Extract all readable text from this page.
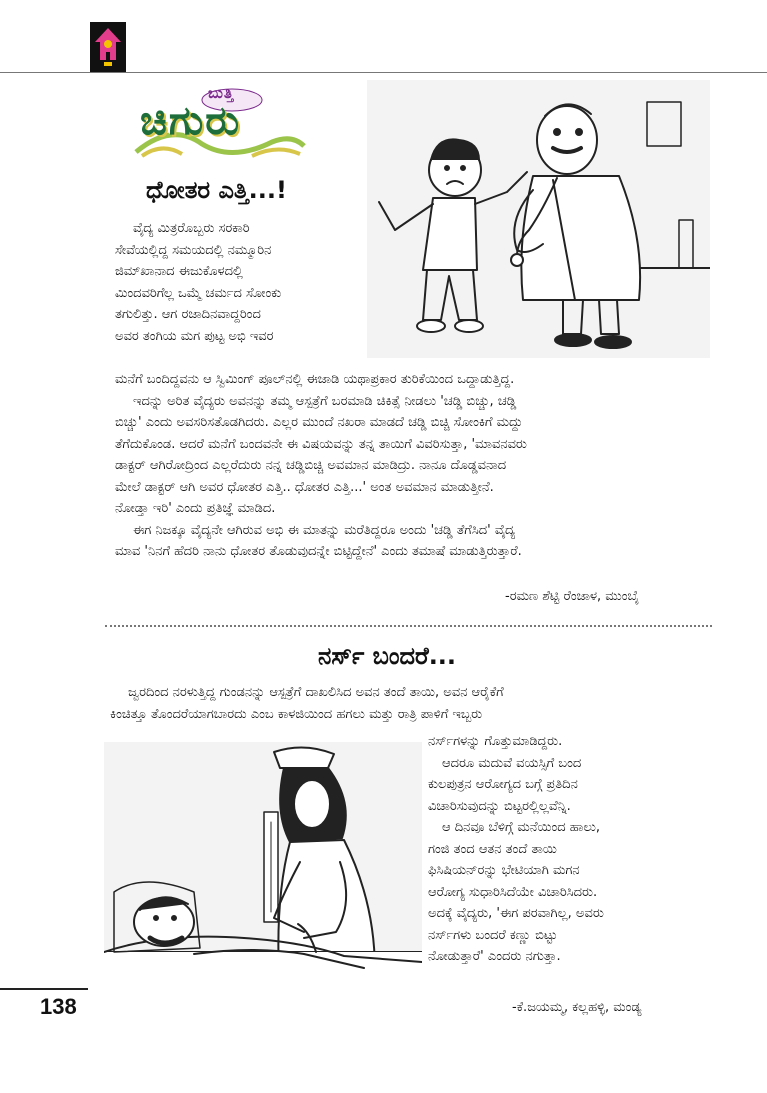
ಬುತ್ತಿ
ಚಿಗುರು
ಧೋತರ ಎತ್ತಿ...!
ವೈದ್ಯ ಮಿತ್ರರೊಬ್ಬರು ಸರಕಾರಿ
ಸೇವೆಯಲ್ಲಿದ್ದ ಸಮಯದಲ್ಲಿ ನಮ್ಮೂರಿನ
ಜಿಮ್‌ಖಾನಾದ ಈಜುಕೊಳದಲ್ಲಿ
ಮಿಂದವರಿಗೆಲ್ಲ ಒಮ್ಮೆ ಚರ್ಮದ ಸೋಂಕು
ತಗುಲಿತ್ತು. ಆಗ ರಜಾದಿನವಾದ್ದರಿಂದ
ಅವರ ತಂಗಿಯ ಮಗ ಪುಟ್ಟ ಅಭಿ ಇವರ
ಮನೆಗೆ ಬಂದಿದ್ದವನು ಆ ಸ್ವಿಮಿಂಗ್ ಪೂಲ್‌ನಲ್ಲಿ ಈಜಾಡಿ ಯಥಾಪ್ರಕಾರ ತುರಿಕೆಯಿಂದ ಒದ್ದಾಡುತ್ತಿದ್ದ.
ಇದನ್ನು ಅರಿತ ವೈದ್ಯರು ಅವನನ್ನು ತಮ್ಮ ಆಸ್ಪತ್ರೆಗೆ ಬರಮಾಡಿ ಚಿಕಿತ್ಸೆ ನೀಡಲು 'ಚಡ್ಡಿ ಬಿಚ್ಚು, ಚಡ್ಡಿ
ಬಿಚ್ಚು' ಎಂದು ಅವಸರಿಸತೊಡಗಿದರು. ಎಲ್ಲರ ಮುಂದೆ ನಖರಾ ಮಾಡದೆ ಚಡ್ಡಿ ಬಿಚ್ಚಿ ಸೋಂಕಿಗೆ ಮದ್ದು
ತೆಗೆದುಕೊಂಡ. ಆದರೆ ಮನೆಗೆ ಬಂದವನೇ ಈ ವಿಷಯವನ್ನು ತನ್ನ ತಾಯಿಗೆ ವಿವರಿಸುತ್ತಾ, 'ಮಾವನವರು
ಡಾಕ್ಟರ್ ಆಗಿರೋದ್ರಿಂದ ಎಲ್ಲರೆದುರು ನನ್ನ ಚಡ್ಡಿಬಿಚ್ಚಿ ಅವಮಾನ ಮಾಡಿದ್ರು. ನಾನೂ ದೊಡ್ಡವನಾದ
ಮೇಲೆ ಡಾಕ್ಟರ್ ಆಗಿ ಅವರ ಧೋತರ ಎತ್ತಿ.. ಧೋತರ ಎತ್ತಿ...' ಅಂತ ಅವಮಾನ ಮಾಡುತ್ತೀನೆ.
ನೋಡ್ತಾ ಇರಿ' ಎಂದು ಪ್ರತಿಜ್ಞೆ ಮಾಡಿದ.
ಈಗ ನಿಜಕ್ಕೂ ವೈದ್ಯನೇ ಆಗಿರುವ ಅಭಿ ಈ ಮಾತನ್ನು ಮರೆತಿದ್ದರೂ ಅಂದು 'ಚಡ್ಡಿ ತೆಗೆಸಿದ' ವೈದ್ಯ
ಮಾವ 'ನಿನಗೆ ಹೆದರಿ ನಾನು ಧೋತರ ತೊಡುವುದನ್ನೇ ಬಿಟ್ಟಿದ್ದೇನೆ' ಎಂದು ತಮಾಷೆ ಮಾಡುತ್ತಿರುತ್ತಾರೆ.
-ರಮಣ ಶೆಟ್ಟಿ ರೆಂಜಾಳ, ಮುಂಬೈ
ನರ್ಸ್ ಬಂದರೆ...
ಜ್ವರದಿಂದ ನರಳುತ್ತಿದ್ದ ಗುಂಡನನ್ನು ಆಸ್ಪತ್ರೆಗೆ ದಾಖಲಿಸಿದ ಅವನ ತಂದೆ ತಾಯಿ, ಅವನ ಆರೈಕೆಗೆ
ಕಿಂಚಿತ್ತೂ ತೊಂದರೆಯಾಗಬಾರದು ಎಂಬ ಕಾಳಜಿಯಿಂದ ಹಗಲು ಮತ್ತು ರಾತ್ರಿ ಪಾಳಿಗೆ ಇಬ್ಬರು
ನರ್ಸ್‌ಗಳನ್ನು ಗೊತ್ತುಮಾಡಿದ್ದರು.
ಆದರೂ ಮದುವೆ ವಯಸ್ಸಿಗೆ ಬಂದ
ಕುಲಪುತ್ರನ ಆರೋಗ್ಯದ ಬಗ್ಗೆ ಪ್ರತಿದಿನ
ವಿಚಾರಿಸುವುದನ್ನು ಬಿಟ್ಟರಲ್ಲಿಲ್ಲವೆನ್ನಿ.
ಆ ದಿನವೂ ಬೆಳಿಗ್ಗೆ ಮನೆಯಿಂದ ಹಾಲು,
ಗಂಜಿ ತಂದ ಆತನ ತಂದೆ ತಾಯಿ
ಫಿಸಿಷಿಯನ್‌ರನ್ನು ಭೇಟಿಯಾಗಿ ಮಗನ
ಆರೋಗ್ಯ ಸುಧಾರಿಸಿದೆಯೇ ವಿಚಾರಿಸಿದರು.
ಅದಕ್ಕೆ ವೈದ್ಯರು, 'ಈಗ ಪರವಾಗಿಲ್ಲ, ಅವರು
ನರ್ಸ್‌ಗಳು ಬಂದರೆ ಕಣ್ಣು ಬಿಟ್ಟು
ನೋಡುತ್ತಾರೆ' ಎಂದರು ನಗುತ್ತಾ.
-ಕೆ.ಜಯಮ್ಮ, ಕಲ್ಲಹಳ್ಳಿ, ಮಂಡ್ಯ
138
